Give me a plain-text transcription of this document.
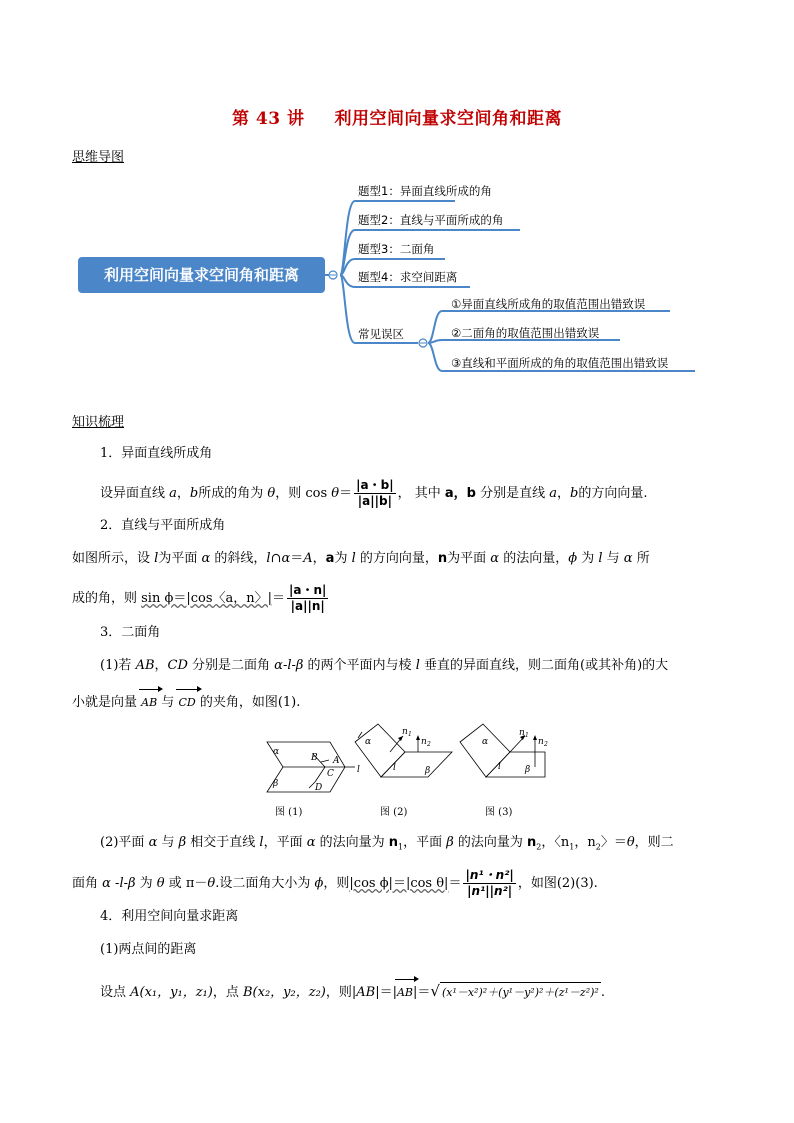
第 43 讲 利用空间向量求空间角和距离
思维导图
利用空间向量求空间角和距离
题型1：异面直线所成的角
题型2：直线与平面所成的角
题型3：二面角
题型4：求空间距离
常见误区
①异面直线所成角的取值范围出错致误
②二面角的取值范围出错致误
③直线和平面所成的角的取值范围出错致误
知识梳理
1．异面直线所成角
设异面直线 a，b所成的角为 θ，则 $\cos \theta= \frac{|a・b|}{|a||b|}$ ， 其中 a，b 分别是直线 a，b的方向向量.
2．直线与平面所成角
如图所示，设 l为平面 α 的斜线，l∩α＝A，a为 l 的方向向量，n为平面 α 的法向量，ϕ 为 l 与 α 所
成的角，则 sin ϕ＝|cos〈a，n〉|＝ $\frac{|a・n|}{|a||n|}$
3．二面角
(1)若 AB，CD 分别是二面角 α-l-β 的两个平面内与棱 l 垂直的异面直线，则二面角(或其补角)的大
小就是向量 AB 与 CD 的夹角，如图(1).
α
β
l
B A
C
D
α
n 1
n 2
l	β
α
n 1
n 2
l	β
图 (1)	图 (2)	图 (3)
(2)平面 α 与 β 相交于直线 l，平面 α 的法向量为 $n_1$，平面 β 的法向量为 $n_2$，〈$n_1$，$n_2$〉＝θ，则二
面角 α -l-β 为 θ 或 π－θ.设二面角大小为 ϕ，则|cos ϕ|＝|cos $\theta|= \frac{\text{|n¹・n²|}}{\text{|n¹||n²|}}$ ，如图(2)(3).
4．利用空间向量求距离
(1)两点间的距离
设点 A(x₁，y₁，z₁)，点 B(x₂，y₂，z₂)，则|AB|＝|AB|＝√ (x¹－x²)²＋(y¹－y²)²＋(z¹－z²)² .
